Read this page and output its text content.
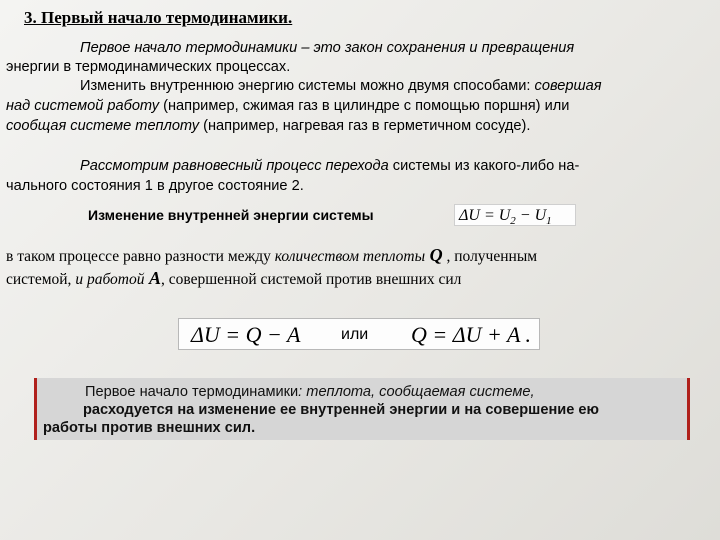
3. Первый начало термодинамики.
Первое начало термодинамики – это закон сохранения и превращения
энергии в термодинамических процессах.
Изменить внутреннюю энергию системы можно двумя способами: совершая
над системой работу (например, сжимая газ в цилиндре с помощью поршня) или
сообщая системе теплоту (например, нагревая газ в герметичном сосуде).
Рассмотрим равновесный процесс перехода системы из какого-либо на-
чального состояния 1 в другое состояние 2.
Изменение внутренней энергии системы	$\Delta U = U_2 - U_1$
в таком процессе равно разности между количеством теплоты Q , полученным
системой, и работой A, совершенной системой против внешних сил
ΔU = Q − A	или Q = ΔU + A .
Первое начало термодинамики: теплота, сообщаемая системе,
расходуется на изменение ее внутренней энергии и на совершение ею
работы против внешних сил.
